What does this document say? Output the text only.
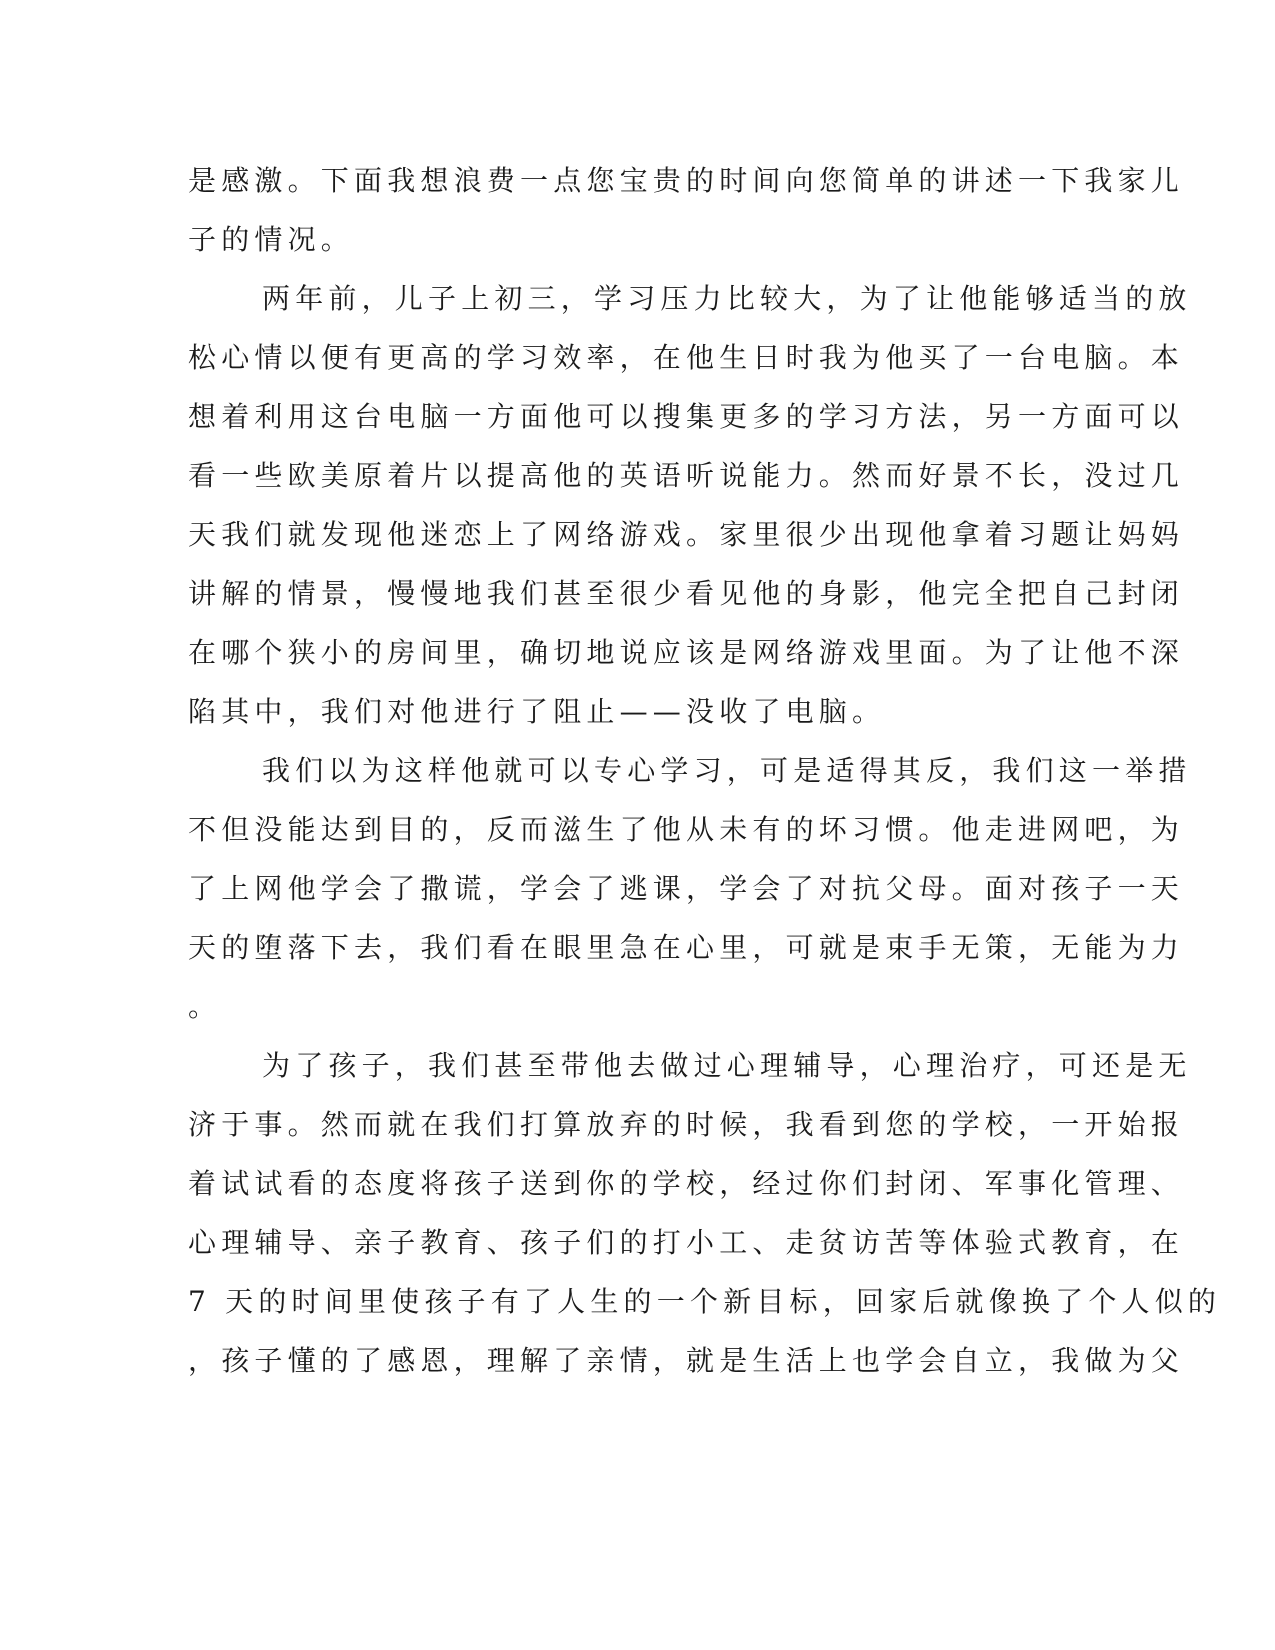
是感激。下面我想浪费一点您宝贵的时间向您简单的讲述一下我家儿
子的情况。
两年前，儿子上初三，学习压力比较大，为了让他能够适当的放
松心情以便有更高的学习效率，在他生日时我为他买了一台电脑。本
想着利用这台电脑一方面他可以搜集更多的学习方法，另一方面可以
看一些欧美原着片以提高他的英语听说能力。然而好景不长，没过几
天我们就发现他迷恋上了网络游戏。家里很少出现他拿着习题让妈妈
讲解的情景，慢慢地我们甚至很少看见他的身影，他完全把自己封闭
在哪个狭小的房间里，确切地说应该是网络游戏里面。为了让他不深
陷其中，我们对他进行了阻止——没收了电脑。
我们以为这样他就可以专心学习，可是适得其反，我们这一举措
不但没能达到目的，反而滋生了他从未有的坏习惯。他走进网吧，为
了上网他学会了撒谎，学会了逃课，学会了对抗父母。面对孩子一天
天的堕落下去，我们看在眼里急在心里，可就是束手无策，无能为力
。
为了孩子，我们甚至带他去做过心理辅导，心理治疗，可还是无
济于事。然而就在我们打算放弃的时候，我看到您的学校，一开始报
着试试看的态度将孩子送到你的学校，经过你们封闭、军事化管理、
心理辅导、亲子教育、孩子们的打小工、走贫访苦等体验式教育，在
7 天的时间里使孩子有了人生的一个新目标，回家后就像换了个人似的
，孩子懂的了感恩，理解了亲情，就是生活上也学会自立，我做为父
